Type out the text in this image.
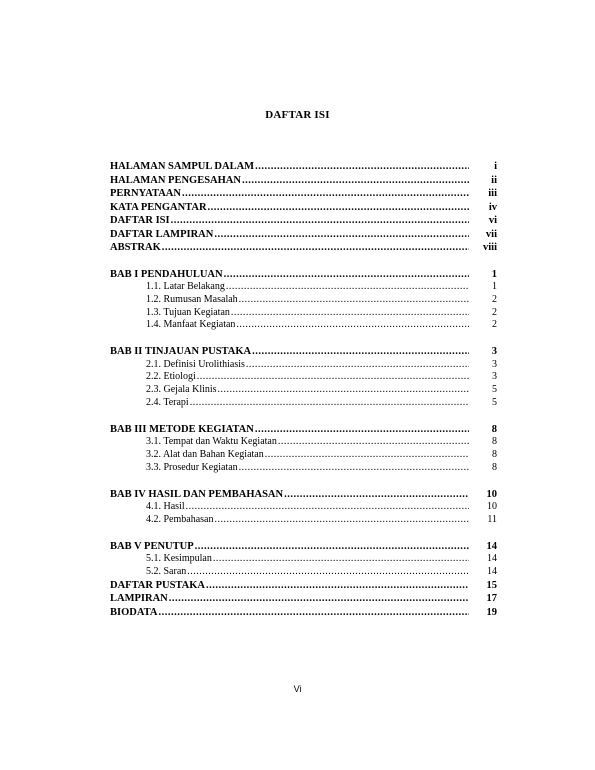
DAFTAR ISI
HALAMAN SAMPUL DALAM .....	i
HALAMAN PENGESAHAN .....	ii
PERNYATAAN .....	iii
KATA PENGANTAR .....	iv
DAFTAR ISI .....	vi
DAFTAR LAMPIRAN .....	vii
ABSTRAK .....	viii
BAB I PENDAHULUAN .....	1
1.1. Latar Belakang .....	1
1.2. Rumusan Masalah .....	2
1.3. Tujuan Kegiatan .....	2
1.4. Manfaat Kegiatan .....	2
BAB II TINJAUAN PUSTAKA .....	3
2.1. Definisi Urolithiasis .....	3
2.2. Etiologi .....	3
2.3. Gejala Klinis .....	5
2.4. Terapi .....	5
BAB III METODE KEGIATAN .....	8
3.1. Tempat dan Waktu Kegiatan .....	8
3.2. Alat dan Bahan Kegiatan .....	8
3.3. Prosedur Kegiatan .....	8
BAB IV HASIL DAN PEMBAHASAN .....	10
4.1. Hasil .....	10
4.2. Pembahasan .....	11
BAB V PENUTUP .....	14
5.1. Kesimpulan .....	14
5.2. Saran .....	14
DAFTAR PUSTAKA .....	15
LAMPIRAN .....	17
BIODATA .....	19
Vi
